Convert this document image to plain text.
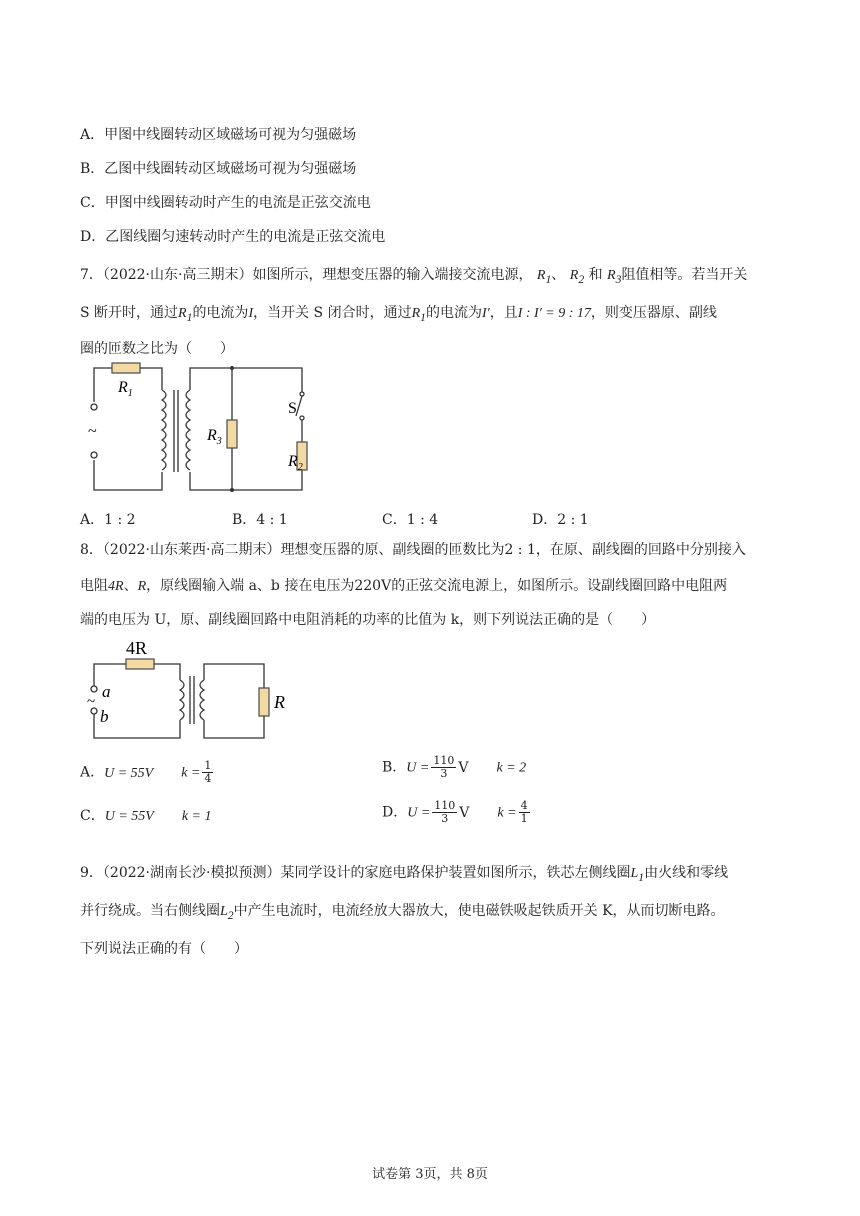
A．甲图中线圈转动区域磁场可视为匀强磁场
B．乙图中线圈转动区域磁场可视为匀强磁场
C．甲图中线圈转动时产生的电流是正弦交流电
D．乙图线圈匀速转动时产生的电流是正弦交流电
7．（2022·山东·高三期末）如图所示，理想变压器的输入端接交流电源， $R_1$、 $R_2$ 和 $R_3$阻值相等。若当开关
S 断开时，通过$R_1$的电流为I，当开关 S 闭合时，通过$R_1$的电流为I′，且I : I′ = 9 : 17，则变压器原、副线
圈的匝数之比为（　　）
$R_1$
$R_3$
$R_2$
S
~
A．1 : 2	B．4 : 1	C．1 : 4	D．2 : 1
8．（2022·山东莱西·高二期末）理想变压器的原、副线圈的匝数比为2 : 1，在原、副线圈的回路中分别接入
电阻4R、R，原线圈输入端 a、b 接在电压为220V的正弦交流电源上，如图所示。设副线圈回路中电阻两
端的电压为 U，原、副线圈回路中电阻消耗的功率的比值为 k，则下列说法正确的是（　　）
4R
R
a
b
~
A．U = 55V $k = \frac{1}{4}$	B．$U = \frac{110}{3}$ V k = 2
C．U = 55V k = 1	D．$U = \frac{110}{3}$ V $k = \frac{4}{1}$
9．（2022·湖南长沙·模拟预测）某同学设计的家庭电路保护装置如图所示，铁芯左侧线圈$L_1$由火线和零线
并行绕成。当右侧线圈$L_2$中产生电流时，电流经放大器放大，使电磁铁吸起铁质开关 K，从而切断电路。
下列说法正确的有（　　）
试卷第 3页，共 8页
